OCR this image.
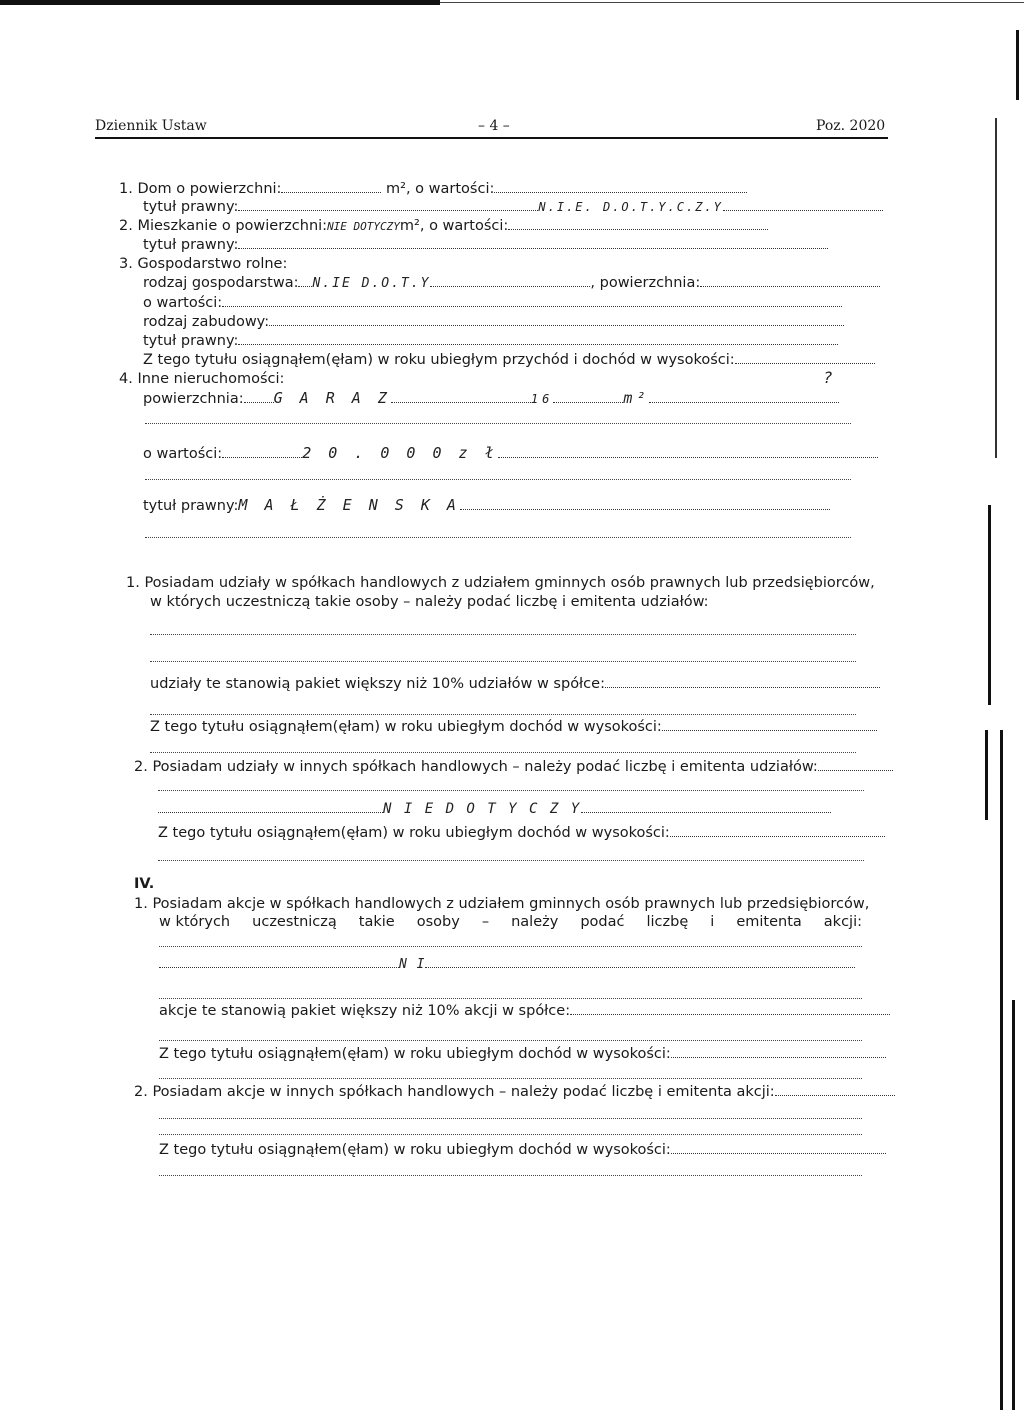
Dziennik Ustaw	– 4 –	Poz. 2020
1. Dom o powierzchni:	m², o wartości:
tytuł prawny:	N.I.E. D.O.T.Y.C.Z.Y
2. Mieszkanie o powierzchni:NIE DOTYCZYm², o wartości:
tytuł prawny:
3. Gospodarstwo rolne:
rodzaj gospodarstwa: N.IE D.O.T.Y	, powierzchnia:
o wartości:
rodzaj zabudowy:
tytuł prawny:
Z tego tytułu osiągnąłem(ęłam) w roku ubiegłym przychód i dochód w wysokości:
4. Inne nieruchomości:	?
powierzchnia: G A R A Z	16	m²
o wartości:	2 0 . 0 0 0 z ł
tytuł prawny:M A Ł Ż E N S K A
1. Posiadam udziały w spółkach handlowych z udziałem gminnych osób prawnych lub przedsiębiorców,
w których uczestniczą takie osoby – należy podać liczbę i emitenta udziałów:
udziały te stanowią pakiet większy niż 10% udziałów w spółce:
Z tego tytułu osiągnąłem(ęłam) w roku ubiegłym dochód w wysokości:
2. Posiadam udziały w innych spółkach handlowych – należy podać liczbę i emitenta udziałów:
N I E D O T Y C Z Y
Z tego tytułu osiągnąłem(ęłam) w roku ubiegłym dochód w wysokości:
IV.
1. Posiadam akcje w spółkach handlowych z udziałem gminnych osób prawnych lub przedsiębiorców,
w których uczestniczą takie osoby – należy podać liczbę i emitenta akcji:
N I
akcje te stanowią pakiet większy niż 10% akcji w spółce:
Z tego tytułu osiągnąłem(ęłam) w roku ubiegłym dochód w wysokości:
2. Posiadam akcje w innych spółkach handlowych – należy podać liczbę i emitenta akcji:
Z tego tytułu osiągnąłem(ęłam) w roku ubiegłym dochód w wysokości:
